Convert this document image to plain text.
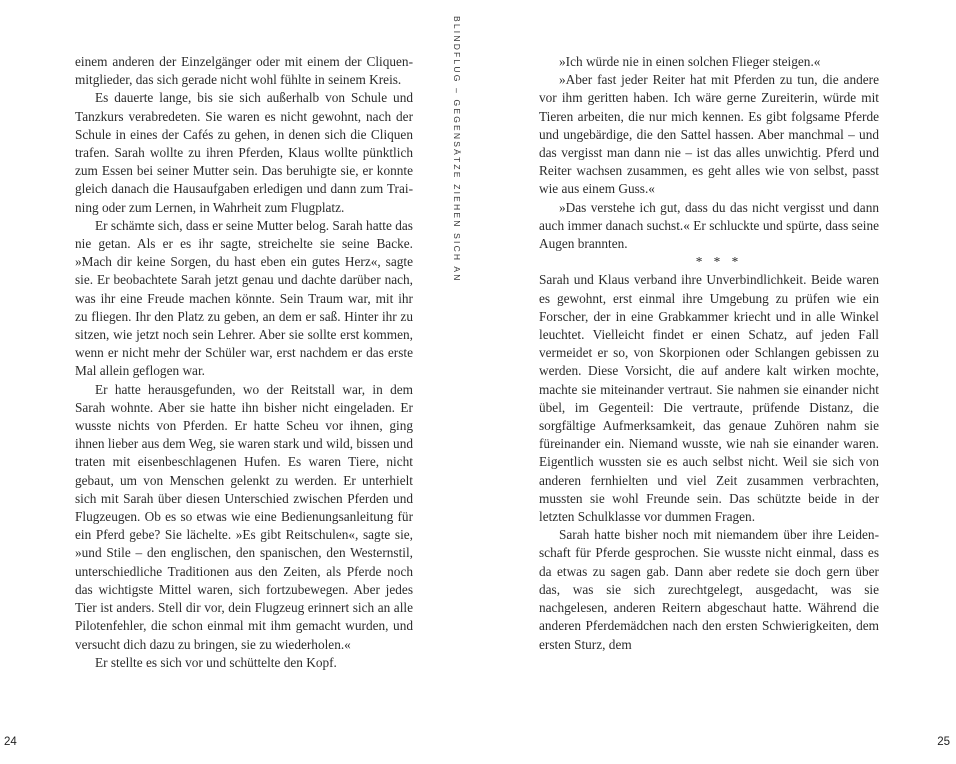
einem anderen der Einzelgänger oder mit einem der Cliquenmitglieder, das sich gerade nicht wohl fühlte in seinem Kreis.

Es dauerte lange, bis sie sich außerhalb von Schule und Tanzkurs verabredeten. Sie waren es nicht gewohnt, nach der Schule in eines der Cafés zu gehen, in denen sich die Cliquen trafen. Sarah wollte zu ihren Pferden, Klaus wollte pünktlich zum Essen bei seiner Mutter sein. Das beruhigte sie, er konnte gleich danach die Hausaufgaben erledigen und dann zum Training oder zum Lernen, in Wahrheit zum Flugplatz.

Er schämte sich, dass er seine Mutter belog. Sarah hatte das nie getan. Als er es ihr sagte, streichelte sie seine Backe. »Mach dir keine Sorgen, du hast eben ein gutes Herz«, sagte sie. Er beobachtete Sarah jetzt genau und dachte darüber nach, was ihr eine Freude machen könnte. Sein Traum war, mit ihr zu fliegen. Ihr den Platz zu geben, an dem er saß. Hinter ihr zu sitzen, wie jetzt noch sein Lehrer. Aber sie sollte erst kommen, wenn er nicht mehr der Schüler war, erst nachdem er das erste Mal allein geflogen war.

Er hatte herausgefunden, wo der Reitstall war, in dem Sarah wohnte. Aber sie hatte ihn bisher nicht eingeladen. Er wusste nichts von Pferden. Er hatte Scheu vor ihnen, ging ihnen lieber aus dem Weg, sie waren stark und wild, bissen und traten mit eisenbeschlagenen Hufen. Es waren Tiere, nicht gebaut, um von Menschen gelenkt zu werden. Er unterhielt sich mit Sarah über diesen Unterschied zwischen Pferden und Flugzeugen. Ob es so etwas wie eine Bedienungsanleitung für ein Pferd gebe? Sie lächelte. »Es gibt Reitschulen«, sagte sie, »und Stile – den englischen, den spanischen, den Westernstil, unterschiedliche Traditionen aus den Zeiten, als Pferde noch das wichtigste Mittel waren, sich fortzubewegen. Aber jedes Tier ist anders. Stell dir vor, dein Flugzeug erinnert sich an alle Pilotenfehler, die schon einmal mit ihm gemacht wurden, und versucht dich dazu zu bringen, sie zu wiederholen.«

Er stellte es sich vor und schüttelte den Kopf.

24

»Ich würde nie in einen solchen Flieger steigen.«

»Aber fast jeder Reiter hat mit Pferden zu tun, die andere vor ihm geritten haben. Ich wäre gerne Zureiterin, würde mit Tieren arbeiten, die nur mich kennen. Es gibt folgsame Pferde und ungebärdige, die den Sattel hassen. Aber manchmal – und das vergisst man dann nie – ist das alles unwichtig. Pferd und Reiter wachsen zusammen, es geht alles wie von selbst, passt wie aus einem Guss.«

»Das verstehe ich gut, dass du das nicht vergisst und dann auch immer danach suchst.« Er schluckte und spürte, dass seine Augen brannten.

* * *

Sarah und Klaus verband ihre Unverbindlichkeit. Beide waren es gewohnt, erst einmal ihre Umgebung zu prüfen wie ein Forscher, der in eine Grabkammer kriecht und in alle Winkel leuchtet. Vielleicht findet er einen Schatz, auf jeden Fall vermeidet er so, von Skorpionen oder Schlangen gebissen zu werden. Diese Vorsicht, die auf andere kalt wirken mochte, machte sie miteinander vertraut. Sie nahmen sie einander nicht übel, im Gegenteil: Die vertraute, prüfende Distanz, die sorgfältige Aufmerksamkeit, das genaue Zuhören nahm sie füreinander ein. Niemand wusste, wie nah sie einander waren. Eigentlich wussten sie es auch selbst nicht. Weil sie sich von anderen fernhielten und viel Zeit zusammen verbrachten, mussten sie wohl Freunde sein. Das schützte beide in der letzten Schulklasse vor dummen Fragen.

Sarah hatte bisher noch mit niemandem über ihre Leidenschaft für Pferde gesprochen. Sie wusste nicht einmal, dass es da etwas zu sagen gab. Dann aber redete sie doch gern über das, was sie sich zurechtgelegt, ausgedacht, was sie nachgelesen, anderen Reitern abgeschaut hatte. Während die anderen Pferdemädchen nach den ersten Schwierigkeiten, dem ersten Sturz, dem

25
BLINDFLUG – GEGENSÄTZE ZIEHEN SICH AN
